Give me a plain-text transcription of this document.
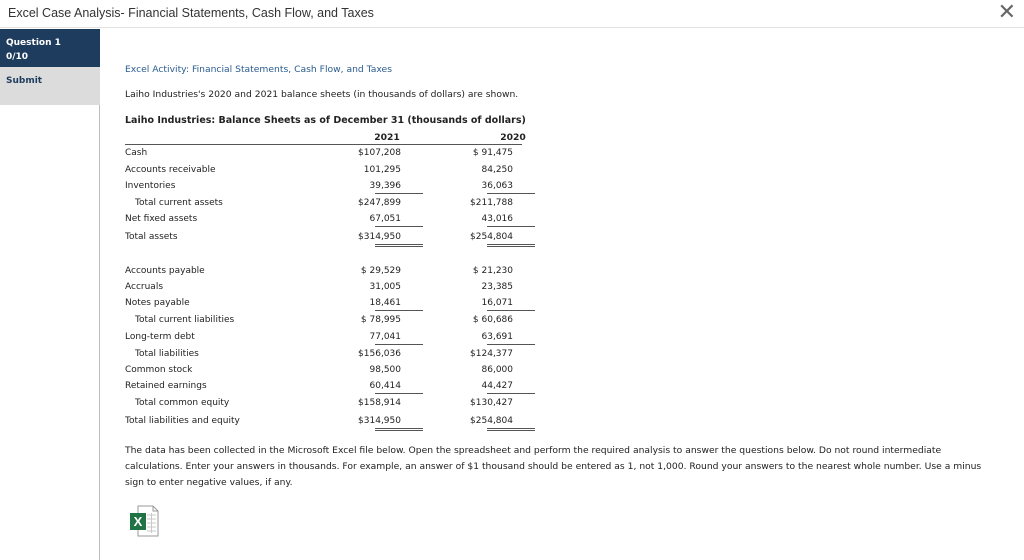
Excel Case Analysis- Financial Statements, Cash Flow, and Taxes	✕
Question 1
0/10
Submit
Excel Activity: Financial Statements, Cash Flow, and Taxes
Laiho Industries's 2020 and 2021 balance sheets (in thousands of dollars) are shown.
Laiho Industries: Balance Sheets as of December 31 (thousands of dollars)
2021	2020
Cash	$107,208	$ 91,475
Accounts receivable	101,295	84,250
Inventories	39,396	36,063
Total current assets	$247,899	$211,788
Net fixed assets	67,051	43,016
Total assets	$314,950	$254,804
Accounts payable	$ 29,529	$ 21,230
Accruals	31,005	23,385
Notes payable	18,461	16,071
Total current liabilities	$ 78,995	$ 60,686
Long-term debt	77,041	63,691
Total liabilities	$156,036	$124,377
Common stock	98,500	86,000
Retained earnings	60,414	44,427
Total common equity	$158,914	$130,427
Total liabilities and equity	$314,950	$254,804
The data has been collected in the Microsoft Excel file below. Open the spreadsheet and perform the required analysis to answer the questions below. Do not round intermediate calculations. Enter your answers in thousands. For example, an answer of $1 thousand should be entered as 1, not 1,000. Round your answers to the nearest whole number. Use a minus sign to enter negative values, if any.
X
